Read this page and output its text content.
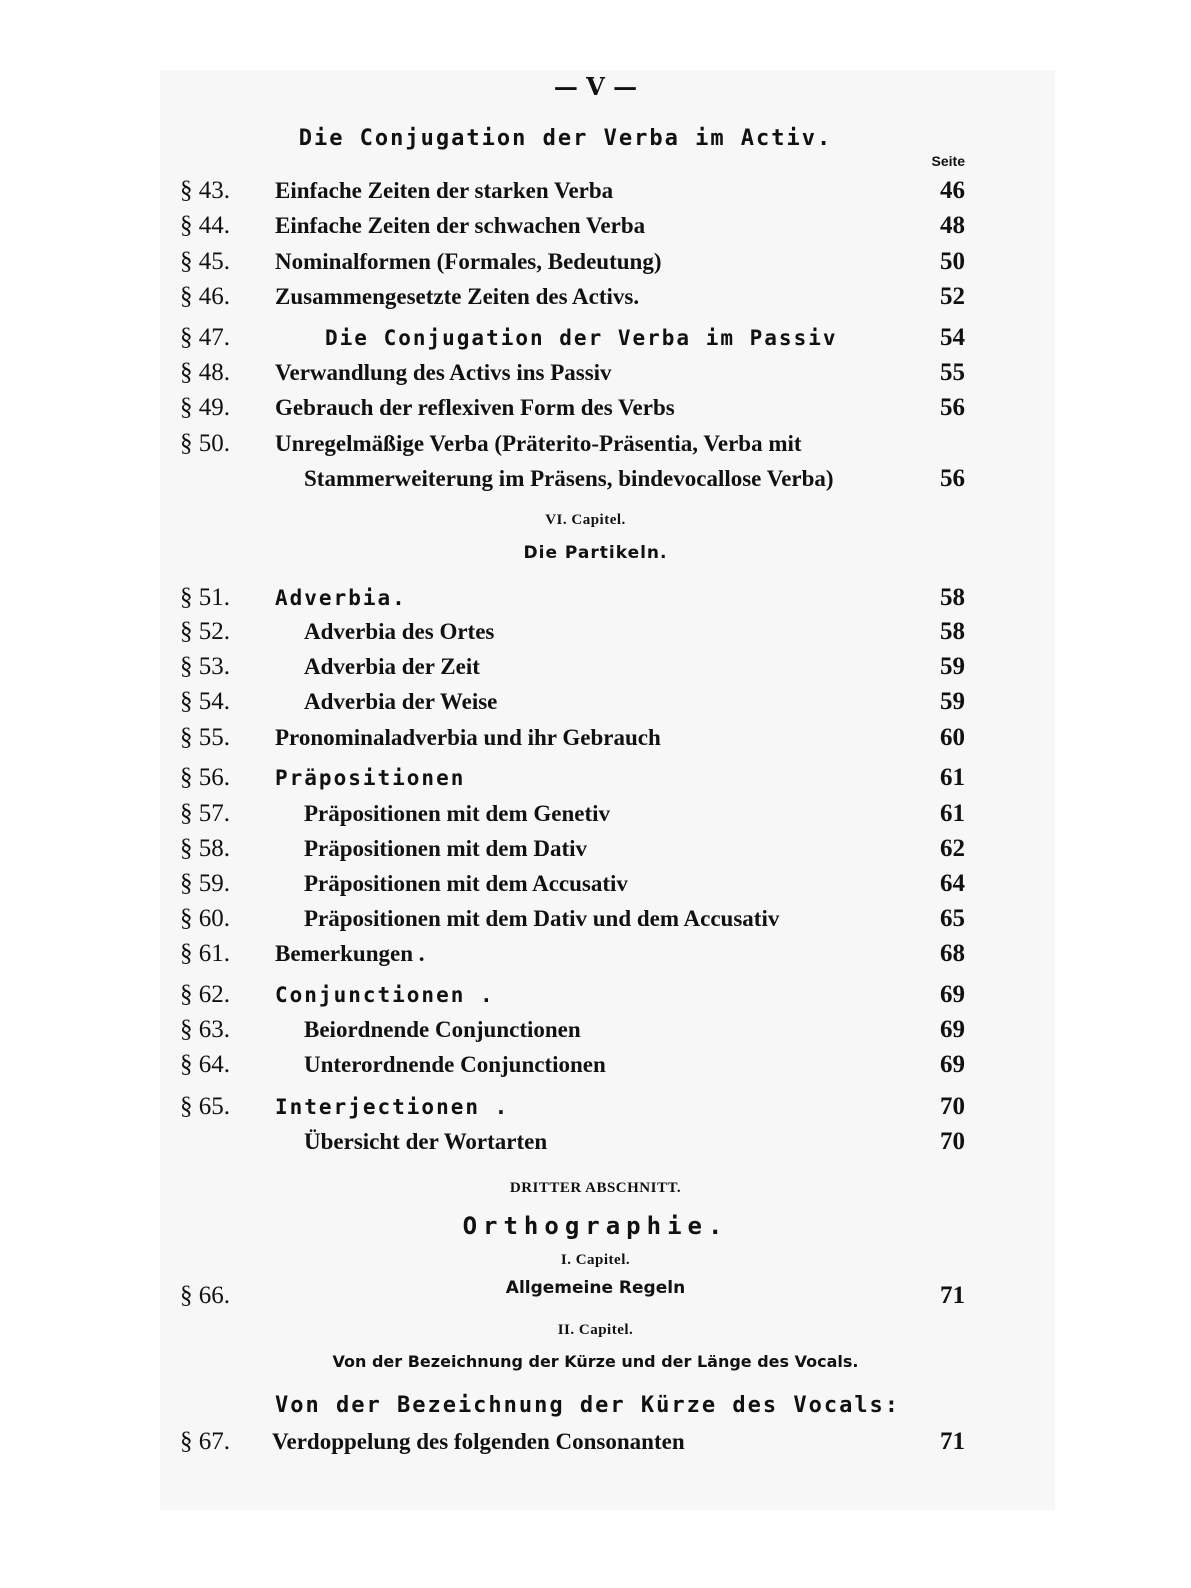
— V —
Die Conjugation der Verba im Activ.
Seite
§ 43. Einfache Zeiten der starken Verba	46
§ 44. Einfache Zeiten der schwachen Verba	48
§ 45. Nominalformen (Formales, Bedeutung)	50
§ 46. Zusammengesetzte Zeiten des Activs.	52
§ 47.	Die Conjugation der Verba im Passiv	54
§ 48. Verwandlung des Activs ins Passiv	55
§ 49. Gebrauch der reflexiven Form des Verbs	56
§ 50. Unregelmäßige Verba (Präterito-Präsentia, Verba mit
Stammerweiterung im Präsens, bindevocallose Verba)	56
VI. Capitel.
Die Partikeln.
§ 51. Adverbia.	58
§ 52.	Adverbia des Ortes	58
§ 53.	Adverbia der Zeit	59
§ 54.	Adverbia der Weise	59
§ 55. Pronominaladverbia und ihr Gebrauch	60
§ 56. Präpositionen	61
§ 57.	Präpositionen mit dem Genetiv	61
§ 58.	Präpositionen mit dem Dativ	62
§ 59.	Präpositionen mit dem Accusativ	64
§ 60.	Präpositionen mit dem Dativ und dem Accusativ	65
§ 61. Bemerkungen .	68
§ 62. Conjunctionen .	69
§ 63.	Beiordnende Conjunctionen	69
§ 64.	Unterordnende Conjunctionen	69
§ 65. Interjectionen .	70
Übersicht der Wortarten	70
DRITTER ABSCHNITT.
Orthographie.
I. Capitel.
§ 66.	Allgemeine Regeln	71
II. Capitel.
Von der Bezeichnung der Kürze und der Länge des Vocals.
Von der Bezeichnung der Kürze des Vocals:
§ 67. Verdoppelung des folgenden Consonanten	71
